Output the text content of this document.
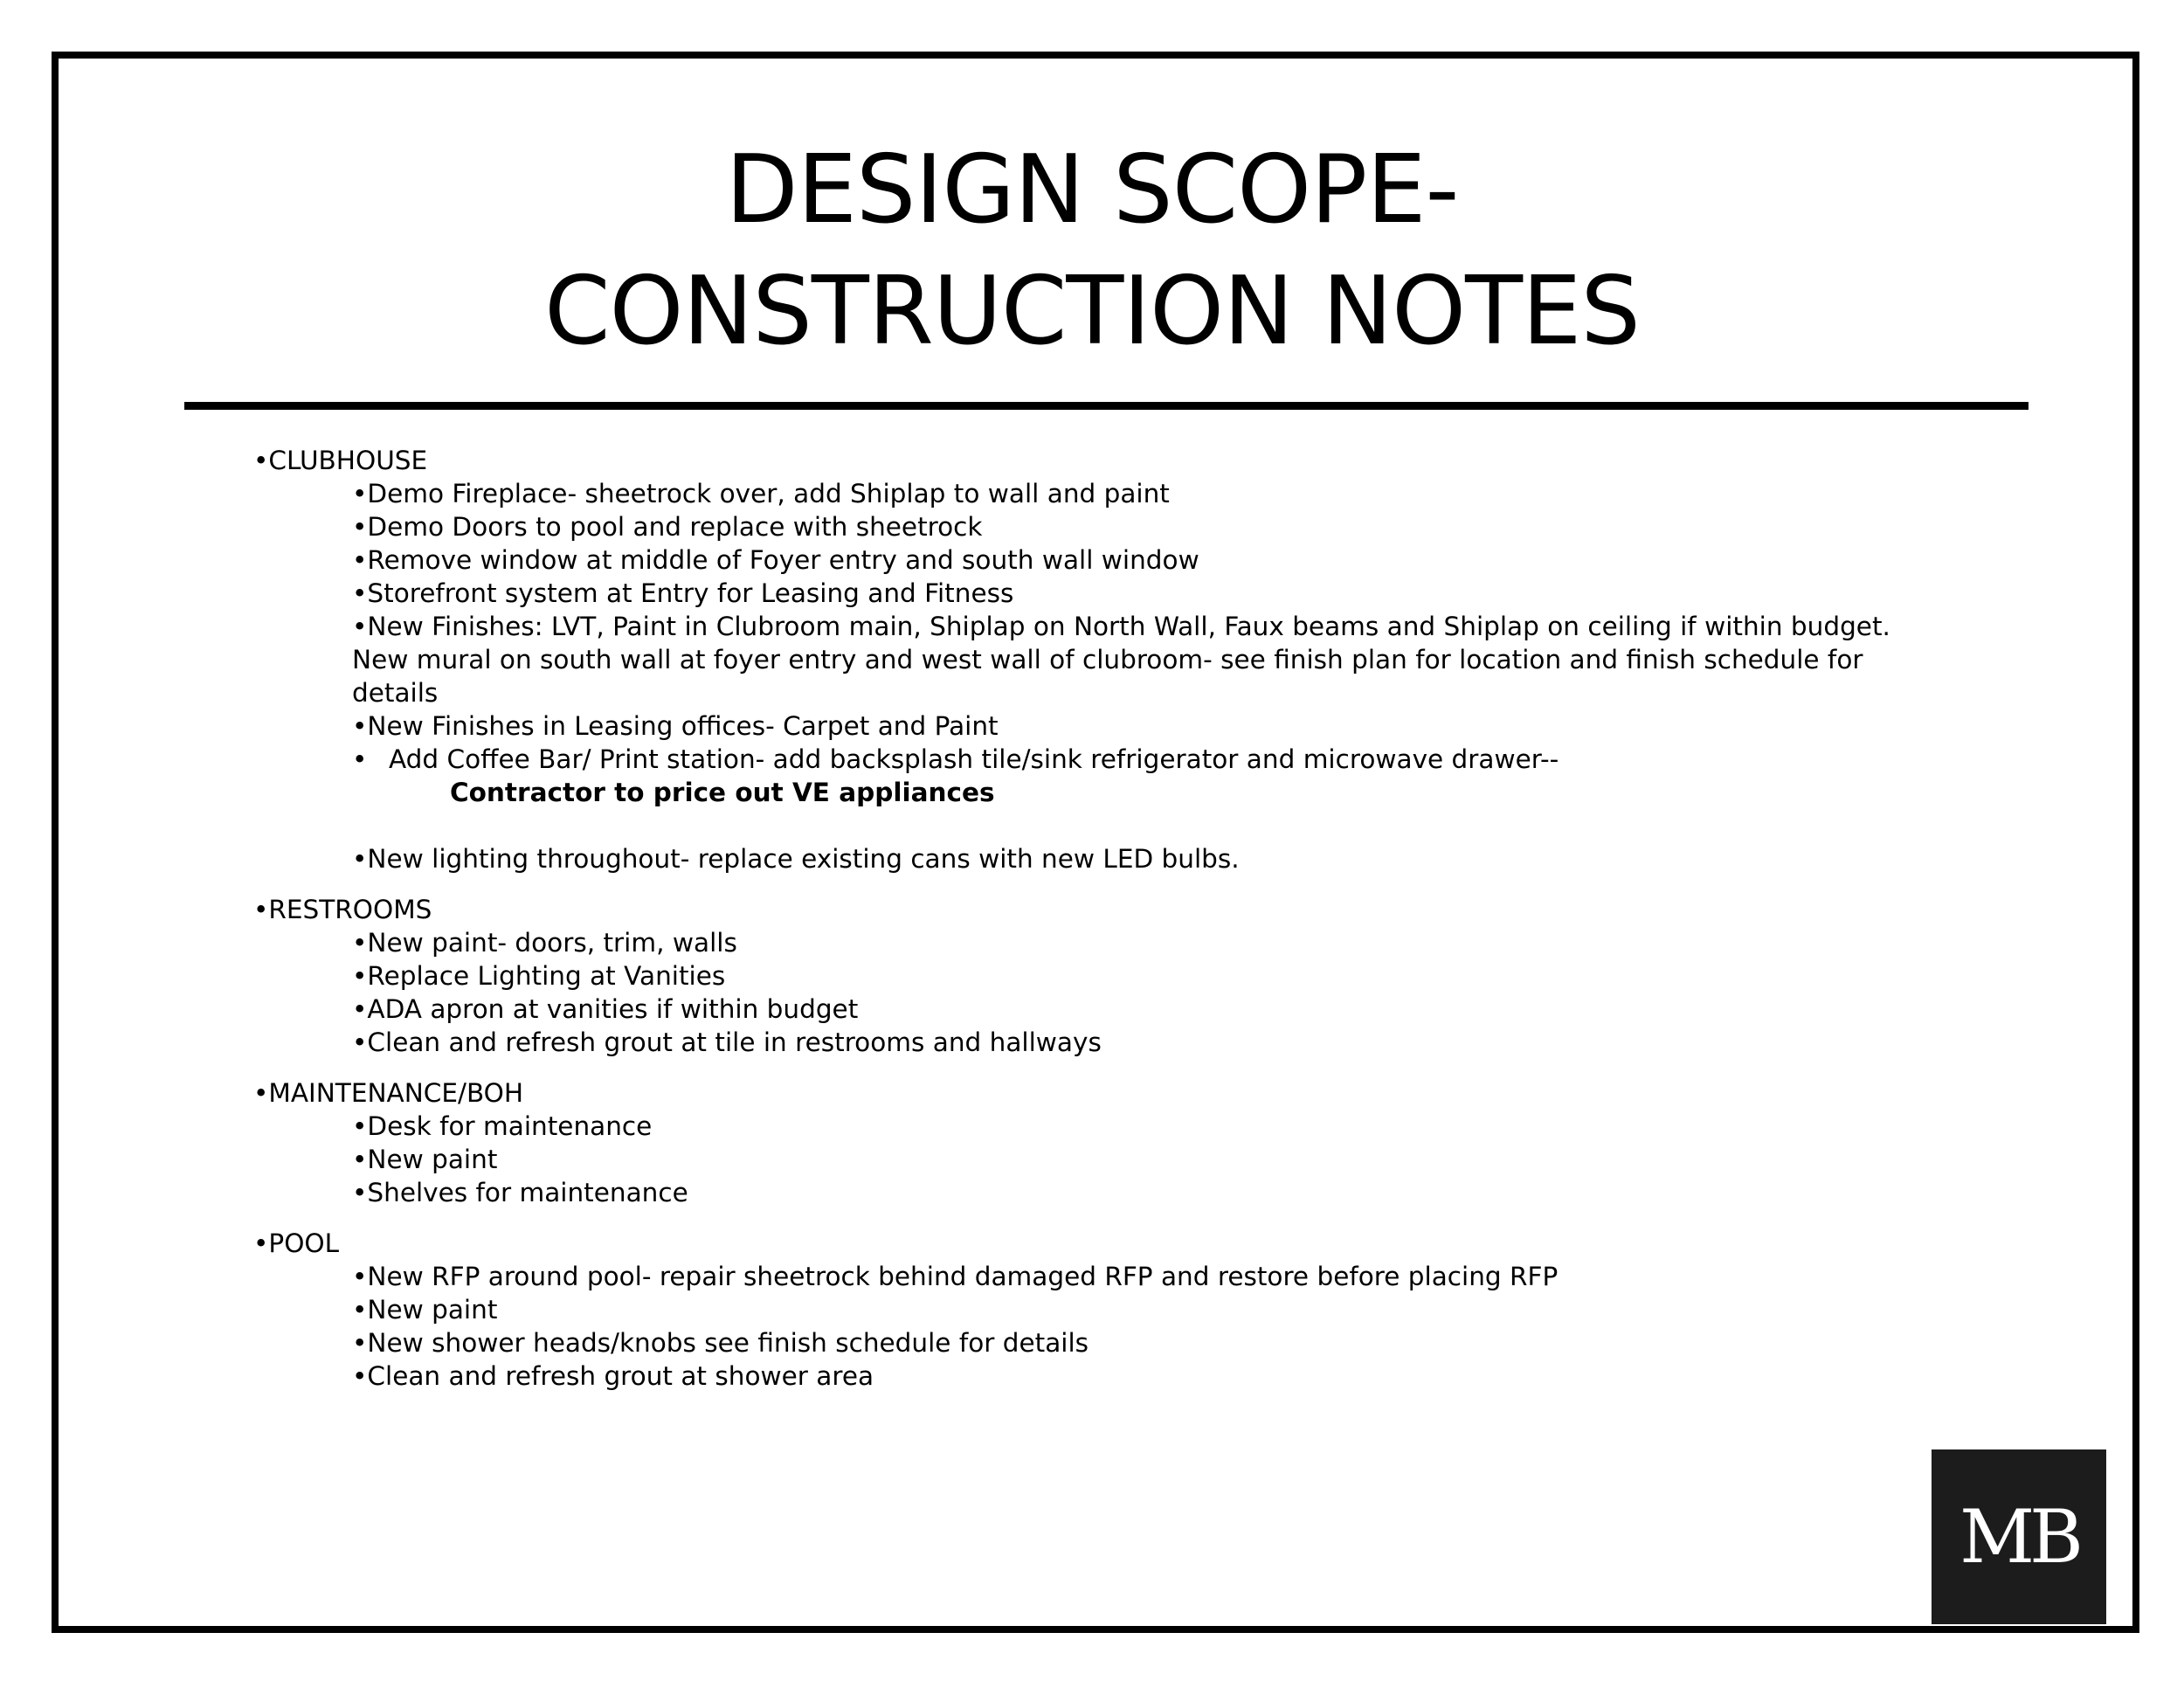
DESIGN SCOPE-
CONSTRUCTION NOTES
•CLUBHOUSE
•Demo Fireplace- sheetrock over, add Shiplap to wall and paint
•Demo Doors to pool and replace with sheetrock
•Remove window at middle of Foyer entry and south wall window
•Storefront system at Entry for Leasing and Fitness
•New Finishes: LVT, Paint in Clubroom main, Shiplap on North Wall, Faux beams and Shiplap on ceiling if within budget. New mural on south wall at foyer entry and west wall of clubroom- see finish plan for location and finish schedule for details
•New Finishes in Leasing offices- Carpet and Paint
• Add Coffee Bar/ Print station- add backsplash tile/sink refrigerator and microwave drawer--
Contractor to price out VE appliances
•New lighting throughout- replace existing cans with new LED bulbs.
•RESTROOMS
•New paint- doors, trim, walls
•Replace Lighting at Vanities
•ADA apron at vanities if within budget
•Clean and refresh grout at tile in restrooms and hallways
•MAINTENANCE/BOH
•Desk for maintenance
•New paint
•Shelves for maintenance
•POOL
•New RFP around pool- repair sheetrock behind damaged RFP and restore before placing RFP
•New paint
•New shower heads/knobs see finish schedule for details
•Clean and refresh grout at shower area
MB
